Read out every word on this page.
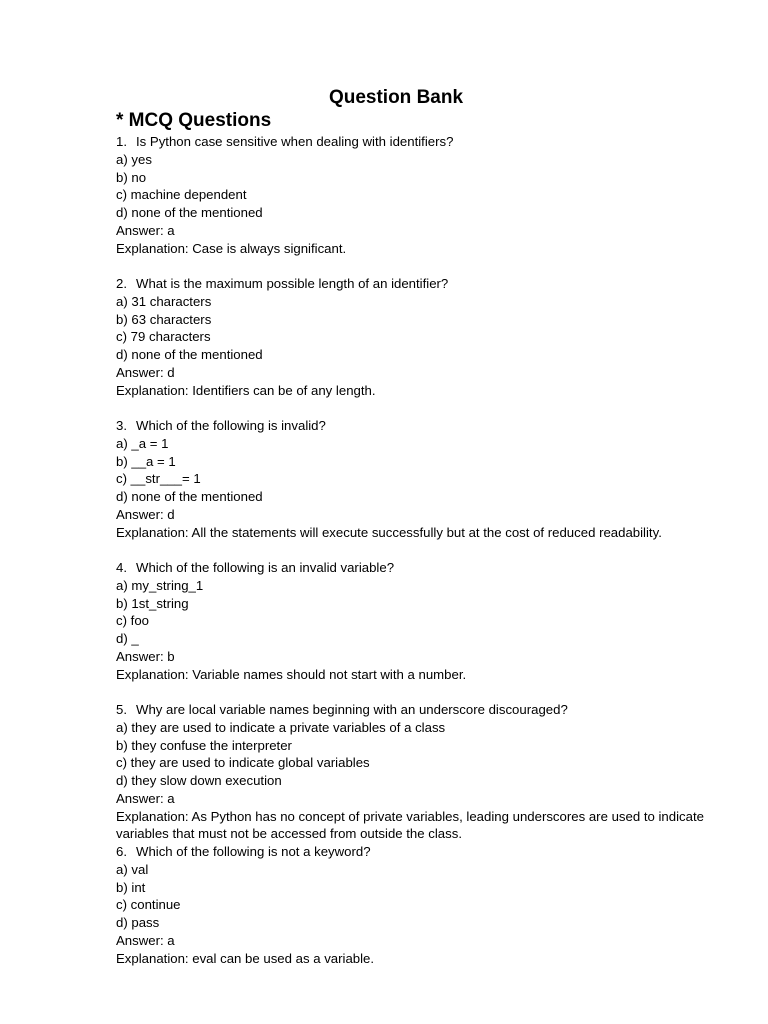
Question Bank
* MCQ Questions
1. Is Python case sensitive when dealing with identifiers?
a) yes
b) no
c) machine dependent
d) none of the mentioned
Answer: a
Explanation: Case is always significant.
2. What is the maximum possible length of an identifier?
a) 31 characters
b) 63 characters
c) 79 characters
d) none of the mentioned
Answer: d
Explanation: Identifiers can be of any length.
3. Which of the following is invalid?
a) _a = 1
b) __a = 1
c) __str___= 1
d) none of the mentioned
Answer: d
Explanation: All the statements will execute successfully but at the cost of reduced readability.
4. Which of the following is an invalid variable?
a) my_string_1
b) 1st_string
c) foo
d) _
Answer: b
Explanation: Variable names should not start with a number.
5. Why are local variable names beginning with an underscore discouraged?
a) they are used to indicate a private variables of a class
b) they confuse the interpreter
c) they are used to indicate global variables
d) they slow down execution
Answer: a
Explanation: As Python has no concept of private variables, leading underscores are used to indicate variables that must not be accessed from outside the class.
6. Which of the following is not a keyword?
a) val
b) int
c) continue
d) pass
Answer: a
Explanation: eval can be used as a variable.
